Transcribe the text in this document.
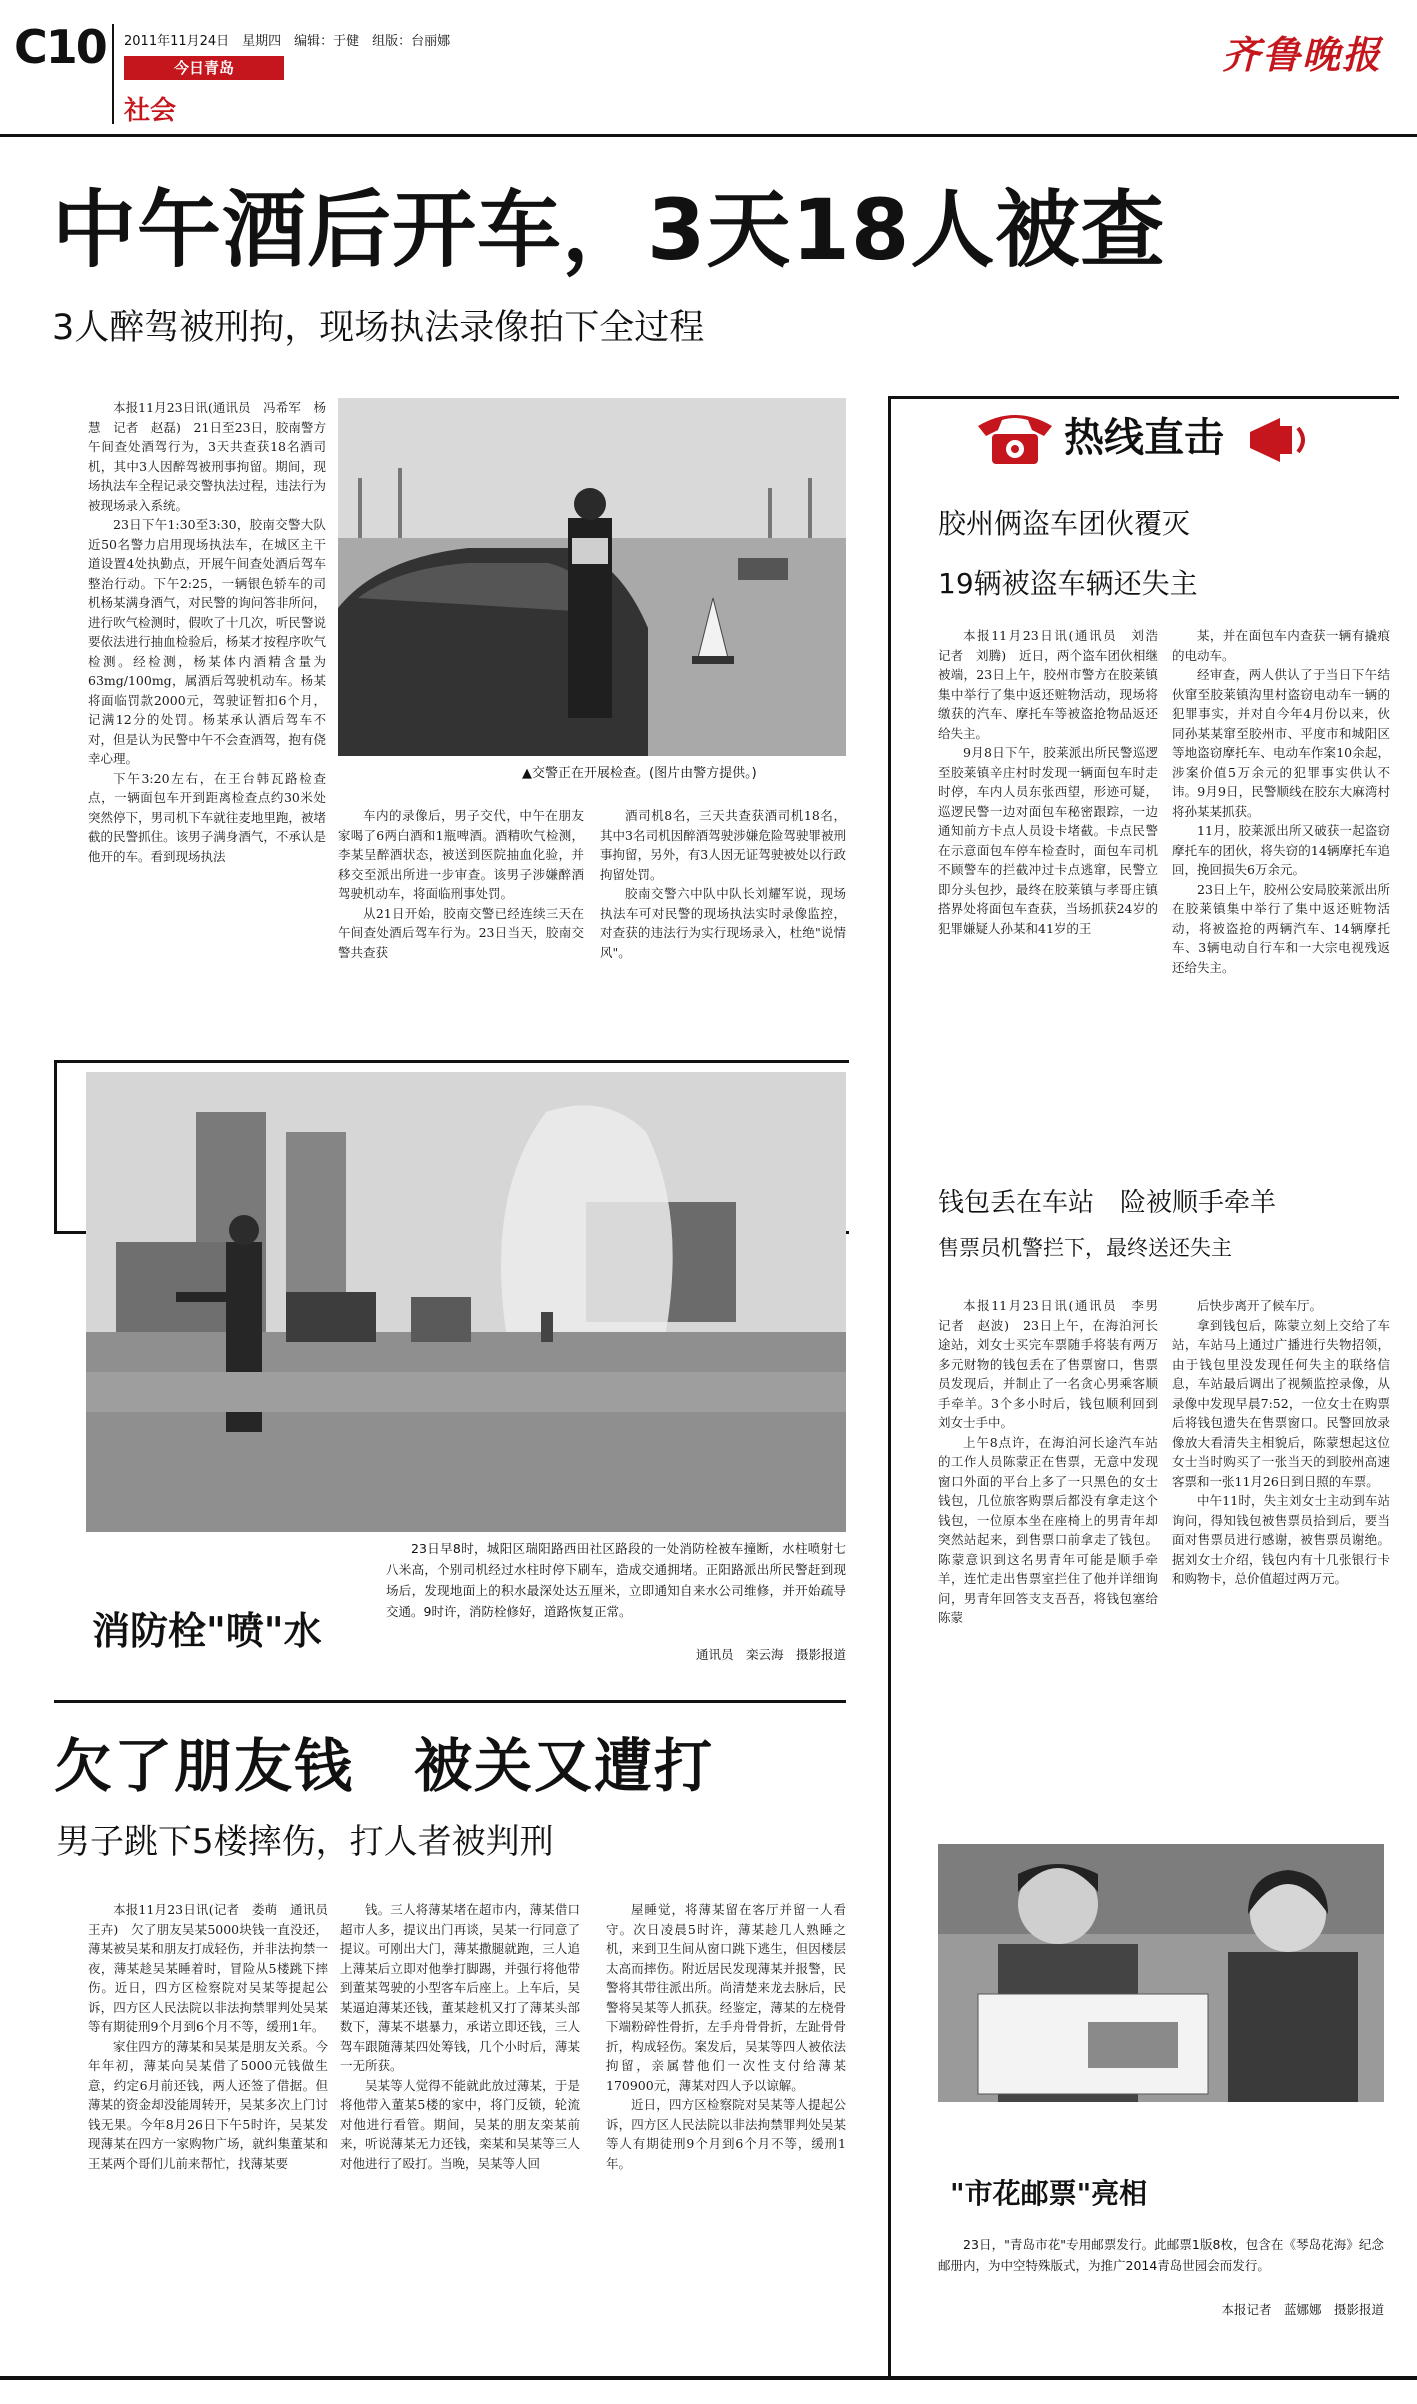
C10 2011年11月24日　星期四　编辑：于健　组版：台丽娜
今日青岛
社会
齐鲁晚报
中午酒后开车，3天18人被查
3人醉驾被刑拘，现场执法录像拍下全过程

本报11月23日讯(通讯员　冯希军　杨慧　记者　赵磊)　21日至23日，胶南警方午间查处酒驾行为，3天共查获18名酒司机，其中3人因醉驾被刑事拘留。期间，现场执法车全程记录交警执法过程，违法行为被现场录入系统。

23日下午1:30至3:30，胶南交警大队近50名警力启用现场执法车，在城区主干道设置4处执勤点，开展午间查处酒后驾车整治行动。下午2:25，一辆银色轿车的司机杨某满身酒气，对民警的询问答非所问，进行吹气检测时，假吹了十几次，听民警说要依法进行抽血检验后，杨某才按程序吹气检测。经检测，杨某体内酒精含量为63mg/100mg，属酒后驾驶机动车。杨某将面临罚款2000元，驾驶证暂扣6个月，记满12分的处罚。杨某承认酒后驾车不对，但是认为民警中午不会查酒驾，抱有侥幸心理。

下午3:20左右，在王台韩瓦路检查点，一辆面包车开到距离检查点约30米处突然停下，男司机下车就往麦地里跑，被堵截的民警抓住。该男子满身酒气，不承认是他开的车。看到现场执法

▲交警正在开展检查。(图片由警方提供。)

车内的录像后，男子交代，中午在朋友家喝了6两白酒和1瓶啤酒。酒精吹气检测，李某呈醉酒状态，被送到医院抽血化验，并移交至派出所进一步审查。该男子涉嫌醉酒驾驶机动车，将面临刑事处罚。

从21日开始，胶南交警已经连续三天在午间查处酒后驾车行为。23日当天，胶南交警共查获

酒司机8名，三天共查获酒司机18名，其中3名司机因醉酒驾驶涉嫌危险驾驶罪被刑事拘留，另外，有3人因无证驾驶被处以行政拘留处罚。

胶南交警六中队中队长刘耀军说，现场执法车可对民警的现场执法实时录像监控，对查获的违法行为实行现场录入，杜绝"说情风"。

消防栓"喷"水
23日早8时，城阳区瑞阳路西田社区路段的一处消防栓被车撞断，水柱喷射七八米高，个别司机经过水柱时停下刷车，造成交通拥堵。正阳路派出所民警赶到现场后，发现地面上的积水最深处达五厘米，立即通知自来水公司维修，并开始疏导交通。9时许，消防栓修好，道路恢复正常。
通讯员　栾云海　摄影报道
欠了朋友钱　被关又遭打
男子跳下5楼摔伤，打人者被判刑

本报11月23日讯(记者　娄萌　通讯员　王卉)　欠了朋友吴某5000块钱一直没还，薄某被吴某和朋友打成轻伤，并非法拘禁一夜，薄某趁吴某睡着时，冒险从5楼跳下摔伤。近日，四方区检察院对吴某等提起公诉，四方区人民法院以非法拘禁罪判处吴某等有期徒刑9个月到6个月不等，缓刑1年。

家住四方的薄某和吴某是朋友关系。今年年初，薄某向吴某借了5000元钱做生意，约定6月前还钱，两人还签了借据。但薄某的资金却没能周转开，吴某多次上门讨钱无果。今年8月26日下午5时许，吴某发现薄某在四方一家购物广场，就纠集董某和王某两个哥们儿前来帮忙，找薄某要

钱。三人将薄某堵在超市内，薄某借口超市人多，提议出门再谈，吴某一行同意了提议。可刚出大门，薄某撒腿就跑，三人追上薄某后立即对他拳打脚踢，并强行将他带到董某驾驶的小型客车后座上。上车后，吴某逼迫薄某还钱，董某趁机又打了薄某头部数下，薄某不堪暴力，承诺立即还钱，三人驾车跟随薄某四处筹钱，几个小时后，薄某一无所获。

吴某等人觉得不能就此放过薄某，于是将他带入董某5楼的家中，将门反锁，轮流对他进行看管。期间，吴某的朋友栾某前来，听说薄某无力还钱，栾某和吴某等三人对他进行了殴打。当晚，吴某等人回

屋睡觉，将薄某留在客厅并留一人看守。次日凌晨5时许，薄某趁几人熟睡之机，来到卫生间从窗口跳下逃生，但因楼层太高而摔伤。附近居民发现薄某并报警，民警将其带往派出所。尚清楚来龙去脉后，民警将吴某等人抓获。经鉴定，薄某的左桡骨下端粉碎性骨折，左手舟骨骨折，左趾骨骨折，构成轻伤。案发后，吴某等四人被依法拘留，亲属替他们一次性支付给薄某170900元，薄某对四人予以谅解。

近日，四方区检察院对吴某等人提起公诉，四方区人民法院以非法拘禁罪判处吴某等人有期徒刑9个月到6个月不等，缓刑1年。

热线直击
胶州俩盗车团伙覆灭
19辆被盗车辆还失主

本报11月23日讯(通讯员　刘浩　记者　刘腾)　近日，两个盗车团伙相继被端，23日上午，胶州市警方在胶莱镇集中举行了集中返还赃物活动，现场将缴获的汽车、摩托车等被盗抢物品返还给失主。

9月8日下午，胶莱派出所民警巡逻至胶莱镇辛庄村时发现一辆面包车时走时停，车内人员东张西望，形迹可疑，巡逻民警一边对面包车秘密跟踪，一边通知前方卡点人员设卡堵截。卡点民警在示意面包车停车检查时，面包车司机不顾警车的拦截冲过卡点逃窜，民警立即分头包抄，最终在胶莱镇与孝哥庄镇搭界处将面包车查获，当场抓获24岁的犯罪嫌疑人孙某和41岁的王

某，并在面包车内查获一辆有撬痕的电动车。

经审查，两人供认了于当日下午结伙窜至胶莱镇沟里村盗窃电动车一辆的犯罪事实，并对自今年4月份以来，伙同孙某某窜至胶州市、平度市和城阳区等地盗窃摩托车、电动车作案10余起，涉案价值5万余元的犯罪事实供认不讳。9月9日，民警顺线在胶东大麻湾村将孙某某抓获。

11月，胶莱派出所又破获一起盗窃摩托车的团伙，将失窃的14辆摩托车追回，挽回损失6万余元。

23日上午，胶州公安局胶莱派出所在胶莱镇集中举行了集中返还赃物活动，将被盗抢的两辆汽车、14辆摩托车、3辆电动自行车和一大宗电视残返还给失主。

钱包丢在车站　险被顺手牵羊
售票员机警拦下，最终送还失主

本报11月23日讯(通讯员　李男　记者　赵波)　23日上午，在海泊河长途站，刘女士买完车票随手将装有两万多元财物的钱包丢在了售票窗口，售票员发现后，并制止了一名贪心男乘客顺手牵羊。3个多小时后，钱包顺利回到刘女士手中。

上午8点许，在海泊河长途汽车站的工作人员陈蒙正在售票，无意中发现窗口外面的平台上多了一只黑色的女士钱包，几位旅客购票后都没有拿走这个钱包，一位原本坐在座椅上的男青年却突然站起来，到售票口前拿走了钱包。陈蒙意识到这名男青年可能是顺手牵羊，连忙走出售票室拦住了他并详细询问，男青年回答支支吾吾，将钱包塞给陈蒙

后快步离开了候车厅。

拿到钱包后，陈蒙立刻上交给了车站，车站马上通过广播进行失物招领，由于钱包里没发现任何失主的联络信息，车站最后调出了视频监控录像，从录像中发现早晨7:52，一位女士在购票后将钱包遗失在售票窗口。民警回放录像放大看清失主相貌后，陈蒙想起这位女士当时购买了一张当天的到胶州高速客票和一张11月26日到日照的车票。

中午11时，失主刘女士主动到车站询问，得知钱包被售票员拾到后，要当面对售票员进行感谢，被售票员谢绝。据刘女士介绍，钱包内有十几张银行卡和购物卡，总价值超过两万元。

"市花邮票"亮相
23日，"青岛市花"专用邮票发行。此邮票1版8枚，包含在《琴岛花海》纪念邮册内，为中空特殊版式，为推广2014青岛世园会而发行。
本报记者　蓝娜娜　摄影报道
